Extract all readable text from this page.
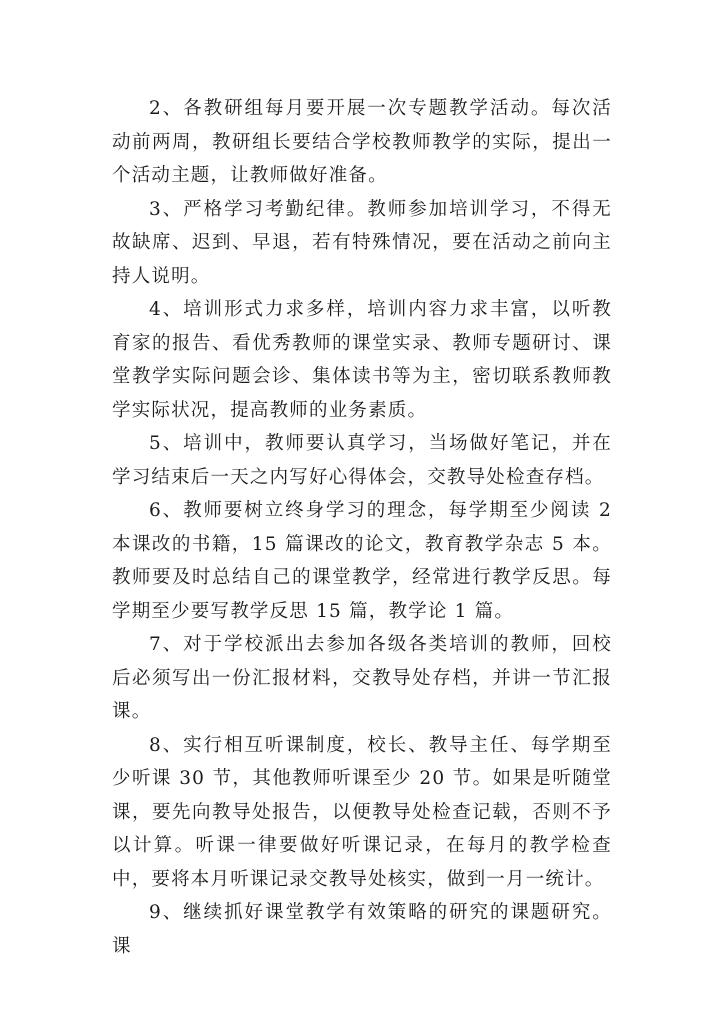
2、各教研组每月要开展一次专题教学活动。每次活动前两周，教研组长要结合学校教师教学的实际，提出一个活动主题，让教师做好准备。

3、严格学习考勤纪律。教师参加培训学习，不得无故缺席、迟到、早退，若有特殊情况，要在活动之前向主持人说明。

4、培训形式力求多样，培训内容力求丰富，以听教育家的报告、看优秀教师的课堂实录、教师专题研讨、课堂教学实际问题会诊、集体读书等为主，密切联系教师教学实际状况，提高教师的业务素质。

5、培训中，教师要认真学习，当场做好笔记，并在学习结束后一天之内写好心得体会，交教导处检查存档。

6、教师要树立终身学习的理念，每学期至少阅读 2 本课改的书籍，15 篇课改的论文，教育教学杂志 5 本。教师要及时总结自己的课堂教学，经常进行教学反思。每学期至少要写教学反思 15 篇，教学论 1 篇。

7、对于学校派出去参加各级各类培训的教师，回校后必须写出一份汇报材料，交教导处存档，并讲一节汇报课。

8、实行相互听课制度，校长、教导主任、每学期至少听课 30 节，其他教师听课至少 20 节。如果是听随堂课，要先向教导处报告，以便教导处检查记载，否则不予以计算。听课一律要做好听课记录，在每月的教学检查中，要将本月听课记录交教导处核实，做到一月一统计。

9、继续抓好课堂教学有效策略的研究的课题研究。课
